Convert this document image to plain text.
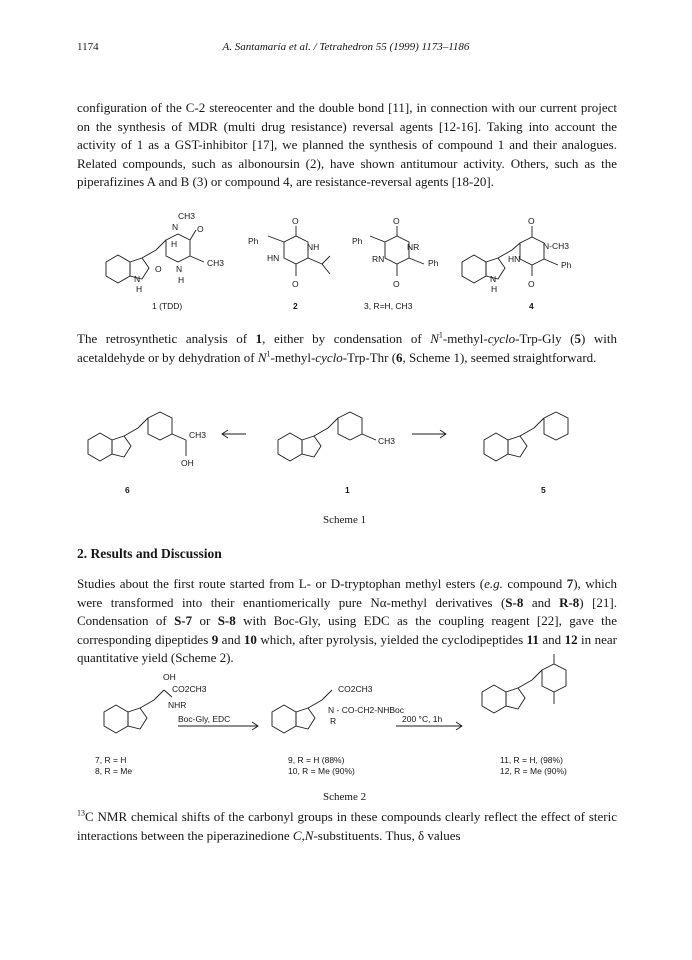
1174	A. Santamaría et al. / Tetrahedron 55 (1999) 1173–1186

configuration of the C-2 stereocenter and the double bond [11], in connection with our current project on the synthesis of MDR (multi drug resistance) reversal agents [12-16]. Taking into account the activity of 1 as a GST-inhibitor [17], we planned the synthesis of compound 1 and their analogues. Related compounds, such as albonoursin (2), have shown antitumour activity. Others, such as the piperafizines A and B (3) or compound 4, are resistance-reversal agents [18-20].

N O
CH3
H
O N
H
N
H
CH3
O
O
Ph
NH
HN
O
O
Ph
NR
RN	Ph
O
O
N-CH3
HN
Ph
N
H
1 (TDD)	2	3, R=H, CH3	4

The retrosynthetic analysis of 1, either by condensation of $N^1-methyl-cyclo-Trp$-Gly (5) with acetaldehyde or by dehydration of $N^1-methyl-cyclo-Trp$-Thr (6, Scheme 1), seemed straightforward.

OH
CH3
CH3
6	1	5
Scheme 1
2. Results and Discussion

Studies about the first route started from L- or D-tryptophan methyl esters (e.g. compound 7), which were transformed into their enantiomerically pure Nα-methyl derivatives (S-8 and R-8) [21]. Condensation of S-7 or S-8 with Boc-Gly, using EDC as the coupling reagent [22], gave the corresponding dipeptides 9 and 10 which, after pyrolysis, yielded the cyclodipeptides 11 and 12 in near quantitative yield (Scheme 2).

OH
CO2CH3
NHR
Boc-Gly, EDC
CO2CH3
N - CO-CH2-NHBoc
R	200 °C, 1h
7, R = H
8, R = Me
9, R = H (88%)
10, R = Me (90%)
11, R = H, (98%)
12, R = Me (90%)
Scheme 2

$^{13}$C NMR chemical shifts of the carbonyl groups in these compounds clearly reflect the effect of steric interactions between the piperazinedione C,N-substituents. Thus, δ values
